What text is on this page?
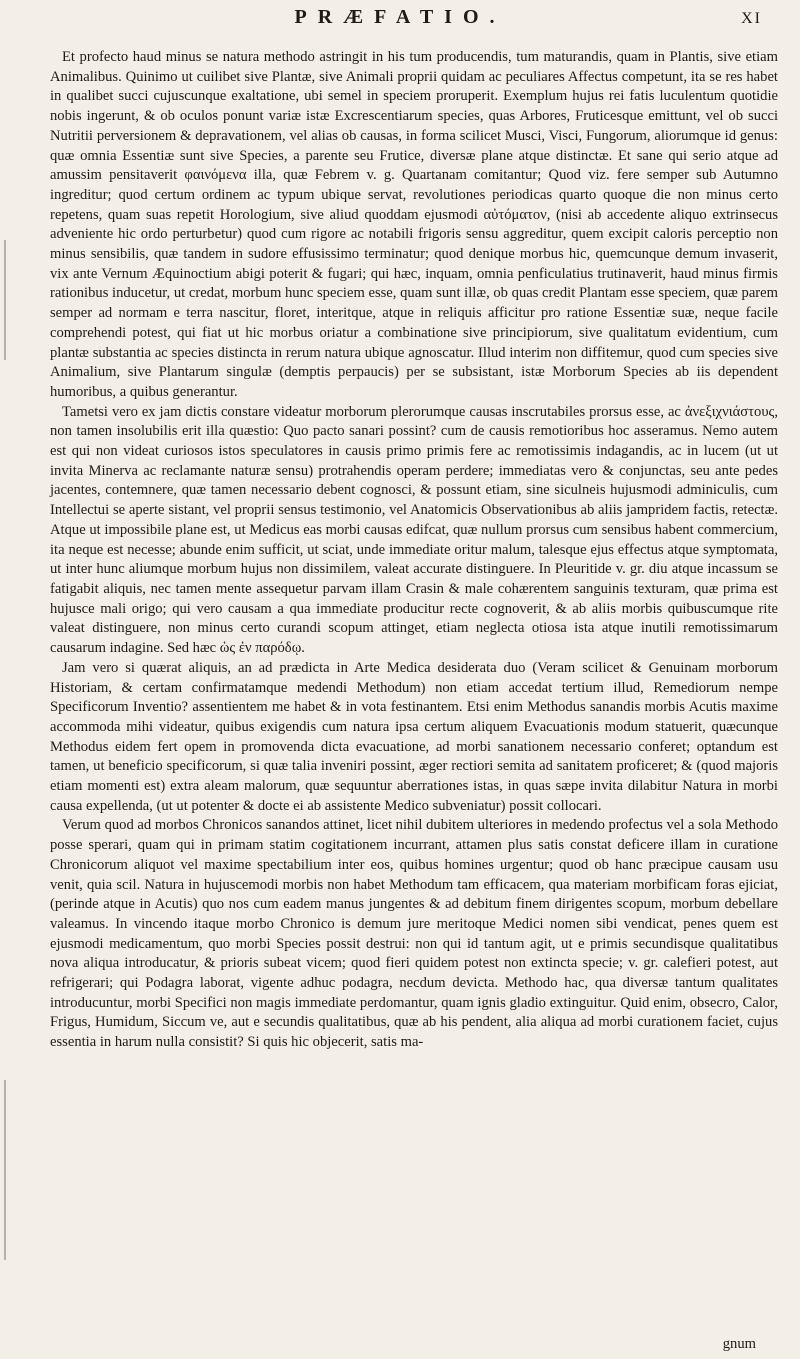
PRÆFATIO.	XI

Et profecto haud minus se natura methodo astringit in his tum producendis, tum maturandis, quam in Plantis, sive etiam Animalibus. Quinimo ut cuilibet sive Plantæ, sive Animali proprii quidam ac peculiares Affectus competunt, ita se res habet in qualibet succi cujuscunque exaltatione, ubi semel in speciem proruperit. Exemplum hujus rei fatis luculentum quotidie nobis ingerunt, & ob oculos ponunt variæ istæ Excrescentiarum species, quas Arbores, Fruticesque emittunt, vel ob succi Nutritii perversionem & depravationem, vel alias ob causas, in forma scilicet Musci, Visci, Fungorum, aliorumque id genus: quæ omnia Essentiæ sunt sive Species, a parente seu Frutice, diversæ plane atque distinctæ. Et sane qui serio atque ad amussim pensitaverit φαινόμενα illa, quæ Febrem v. g. Quartanam comitantur; Quod viz. fere semper sub Autumno ingreditur; quod certum ordinem ac typum ubique servat, revolutiones periodicas quarto quoque die non minus certo repetens, quam suas repetit Horologium, sive aliud quoddam ejusmodi αὐτόματον, (nisi ab accedente aliquo extrinsecus adveniente hic ordo perturbetur) quod cum rigore ac notabili frigoris sensu aggreditur, quem excipit caloris perceptio non minus sensibilis, quæ tandem in sudore effusissimo terminatur; quod denique morbus hic, quemcunque demum invaserit, vix ante Vernum Æquinoctium abigi poterit & fugari; qui hæc, inquam, omnia penficulatius trutinaverit, haud minus firmis rationibus inducetur, ut credat, morbum hunc speciem esse, quam sunt illæ, ob quas credit Plantam esse speciem, quæ parem semper ad normam e terra nascitur, floret, interitque, atque in reliquis afficitur pro ratione Essentiæ suæ, neque facile comprehendi potest, qui fiat ut hic morbus oriatur a combinatione sive principiorum, sive qualitatum evidentium, cum plantæ substantia ac species distincta in rerum natura ubique agnoscatur. Illud interim non diffitemur, quod cum species sive Animalium, sive Plantarum singulæ (demptis perpaucis) per se subsistant, istæ Morborum Species ab iis dependent humoribus, a quibus generantur.

Tametsi vero ex jam dictis constare videatur morborum plerorumque causas inscrutabiles prorsus esse, ac ἀνεξιχνιάστους, non tamen insolubilis erit illa quæstio: Quo pacto sanari possint? cum de causis remotioribus hoc asseramus. Nemo autem est qui non videat curiosos istos speculatores in causis primo primis fere ac remotissimis indagandis, ac in lucem (ut ut invita Minerva ac reclamante naturæ sensu) protrahendis operam perdere; immediatas vero & conjunctas, seu ante pedes jacentes, contemnere, quæ tamen necessario debent cognosci, & possunt etiam, sine siculneis hujusmodi adminiculis, cum Intellectui se aperte sistant, vel proprii sensus testimonio, vel Anatomicis Observationibus ab aliis jampridem factis, retectæ. Atque ut impossibile plane est, ut Medicus eas morbi causas edifcat, quæ nullum prorsus cum sensibus habent commercium, ita neque est necesse; abunde enim sufficit, ut sciat, unde immediate oritur malum, talesque ejus effectus atque symptomata, ut inter hunc aliumque morbum hujus non dissimilem, valeat accurate distinguere. In Pleuritide v. gr. diu atque incassum se fatigabit aliquis, nec tamen mente assequetur parvam illam Crasin & male cohærentem sanguinis texturam, quæ prima est hujusce mali origo; qui vero causam a qua immediate producitur recte cognoverit, & ab aliis morbis quibuscumque rite valeat distinguere, non minus certo curandi scopum attinget, etiam neglecta otiosa ista atque inutili remotissimarum causarum indagine. Sed hæc ὡς ἐν παρόδῳ.

Jam vero si quærat aliquis, an ad prædicta in Arte Medica desiderata duo (Veram scilicet & Genuinam morborum Historiam, & certam confirmatamque medendi Methodum) non etiam accedat tertium illud, Remediorum nempe Specificorum Inventio? assentientem me habet & in vota festinantem. Etsi enim Methodus sanandis morbis Acutis maxime accommoda mihi videatur, quibus exigendis cum natura ipsa certum aliquem Evacuationis modum statuerit, quæcunque Methodus eidem fert opem in promovenda dicta evacuatione, ad morbi sanationem necessario conferet; optandum est tamen, ut beneficio specificorum, si quæ talia inveniri possint, æger rectiori semita ad sanitatem proficeret; & (quod majoris etiam momenti est) extra aleam malorum, quæ sequuntur aberrationes istas, in quas sæpe invita dilabitur Natura in morbi causa expellenda, (ut ut potenter & docte ei ab assistente Medico subveniatur) possit collocari.

Verum quod ad morbos Chronicos sanandos attinet, licet nihil dubitem ulteriores in medendo profectus vel a sola Methodo posse sperari, quam qui in primam statim cogitationem incurrant, attamen plus satis constat deficere illam in curatione Chronicorum aliquot vel maxime spectabilium inter eos, quibus homines urgentur; quod ob hanc præcipue causam usu venit, quia scil. Natura in hujuscemodi morbis non habet Methodum tam efficacem, qua materiam morbificam foras ejiciat, (perinde atque in Acutis) quo nos cum eadem manus jungentes & ad debitum finem dirigentes scopum, morbum debellare valeamus. In vincendo itaque morbo Chronico is demum jure meritoque Medici nomen sibi vendicat, penes quem est ejusmodi medicamentum, quo morbi Species possit destrui: non qui id tantum agit, ut e primis secundisque qualitatibus nova aliqua introducatur, & prioris subeat vicem; quod fieri quidem potest non extincta specie; v. gr. calefieri potest, aut refrigerari; qui Podagra laborat, vigente adhuc podagra, necdum devicta. Methodo hac, qua diversæ tantum qualitates introducuntur, morbi Specifici non magis immediate perdomantur, quam ignis gladio extinguitur. Quid enim, obsecro, Calor, Frigus, Humidum, Siccum ve, aut e secundis qualitatibus, quæ ab his pendent, alia aliqua ad morbi curationem faciet, cujus essentia in harum nulla consistit? Si quis hic objecerit, satis ma-

gnum
